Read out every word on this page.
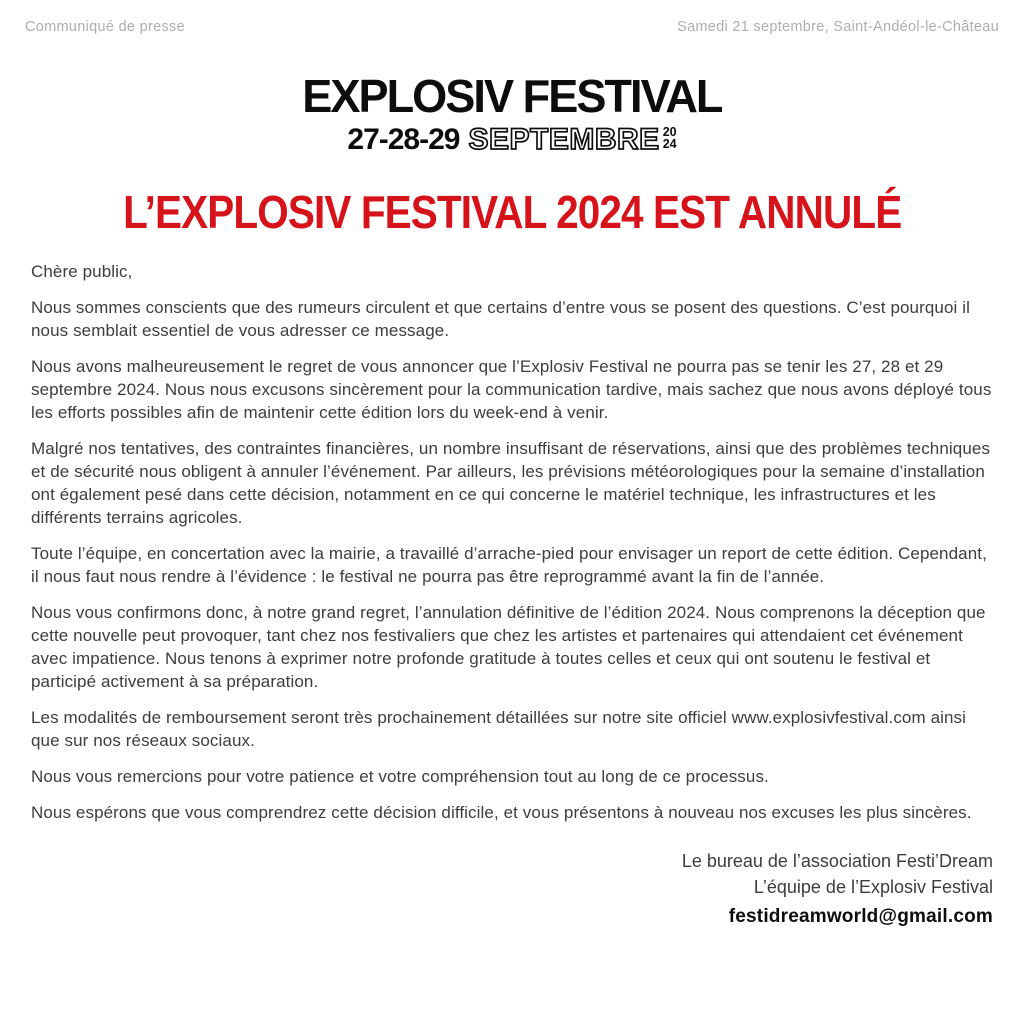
Communiqué de presse	Samedi 21 septembre, Saint-Andéol-le-Château
EXPLOSIV FESTIVAL
27-28-29 SEPTEMBRE 20
24
L’EXPLOSIV FESTIVAL 2024 EST ANNULÉ

Chère public,

Nous sommes conscients que des rumeurs circulent et que certains d’entre vous se posent des questions. C’est pourquoi il nous semblait essentiel de vous adresser ce message.

Nous avons malheureusement le regret de vous annoncer que l’Explosiv Festival ne pourra pas se tenir les 27, 28 et 29 septembre 2024. Nous nous excusons sincèrement pour la communication tardive, mais sachez que nous avons déployé tous les efforts possibles afin de maintenir cette édition lors du week-end à venir.

Malgré nos tentatives, des contraintes financières, un nombre insuffisant de réservations, ainsi que des problèmes techniques et de sécurité nous obligent à annuler l’événement. Par ailleurs, les prévisions météorologiques pour la semaine d’installation ont également pesé dans cette décision, notamment en ce qui concerne le matériel technique, les infrastructures et les différents terrains agricoles.

Toute l’équipe, en concertation avec la mairie, a travaillé d’arrache-pied pour envisager un report de cette édition. Cependant, il nous faut nous rendre à l’évidence : le festival ne pourra pas être reprogrammé avant la fin de l’année.

Nous vous confirmons donc, à notre grand regret, l’annulation définitive de l’édition 2024. Nous comprenons la déception que cette nouvelle peut provoquer, tant chez nos festivaliers que chez les artistes et partenaires qui attendaient cet événement avec impatience. Nous tenons à exprimer notre profonde gratitude à toutes celles et ceux qui ont soutenu le festival et participé activement à sa préparation.

Les modalités de remboursement seront très prochainement détaillées sur notre site officiel www.explosivfestival.com ainsi que sur nos réseaux sociaux.

Nous vous remercions pour votre patience et votre compréhension tout au long de ce processus.

Nous espérons que vous comprendrez cette décision difficile, et vous présentons à nouveau nos excuses les plus sincères.

Le bureau de l’association Festi’Dream
L’équipe de l’Explosiv Festival
festidreamworld@gmail.com
